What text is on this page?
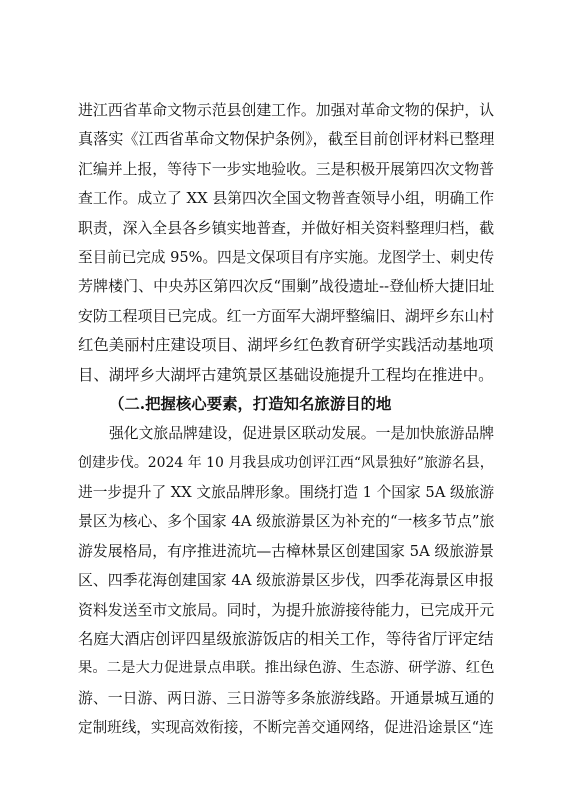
进江西省革命文物示范县创建工作。加强对革命文物的保护，认
真落实《江西省革命文物保护条例》，截至目前创评材料已整理
汇编并上报，等待下一步实地验收。三是积极开展第四次文物普
查工作。成立了 XX 县第四次全国文物普查领导小组，明确工作
职责，深入全县各乡镇实地普查，并做好相关资料整理归档，截
至目前已完成 95%。四是文保项目有序实施。龙图学士、刺史传
芳牌楼门、中央苏区第四次反“围剿”战役遗址--登仙桥大捷旧址
安防工程项目已完成。红一方面军大湖坪整编旧、湖坪乡东山村
红色美丽村庄建设项目、湖坪乡红色教育研学实践活动基地项
目、湖坪乡大湖坪古建筑景区基础设施提升工程均在推进中。
（二.把握核心要素，打造知名旅游目的地
强化文旅品牌建设，促进景区联动发展。一是加快旅游品牌
创建步伐。2024 年 10 月我县成功创评江西“风景独好”旅游名县，
进一步提升了 XX 文旅品牌形象。围绕打造 1 个国家 5A 级旅游
景区为核心、多个国家 4A 级旅游景区为补充的“一核多节点”旅
游发展格局，有序推进流坑—古樟林景区创建国家 5A 级旅游景
区、四季花海创建国家 4A 级旅游景区步伐，四季花海景区申报
资料发送至市文旅局。同时，为提升旅游接待能力，已完成开元
名庭大酒店创评四星级旅游饭店的相关工作，等待省厅评定结
果。二是大力促进景点串联。推出绿色游、生态游、研学游、红色
游、一日游、两日游、三日游等多条旅游线路。开通景城互通的
定制班线，实现高效衔接，不断完善交通网络，促进沿途景区“连
